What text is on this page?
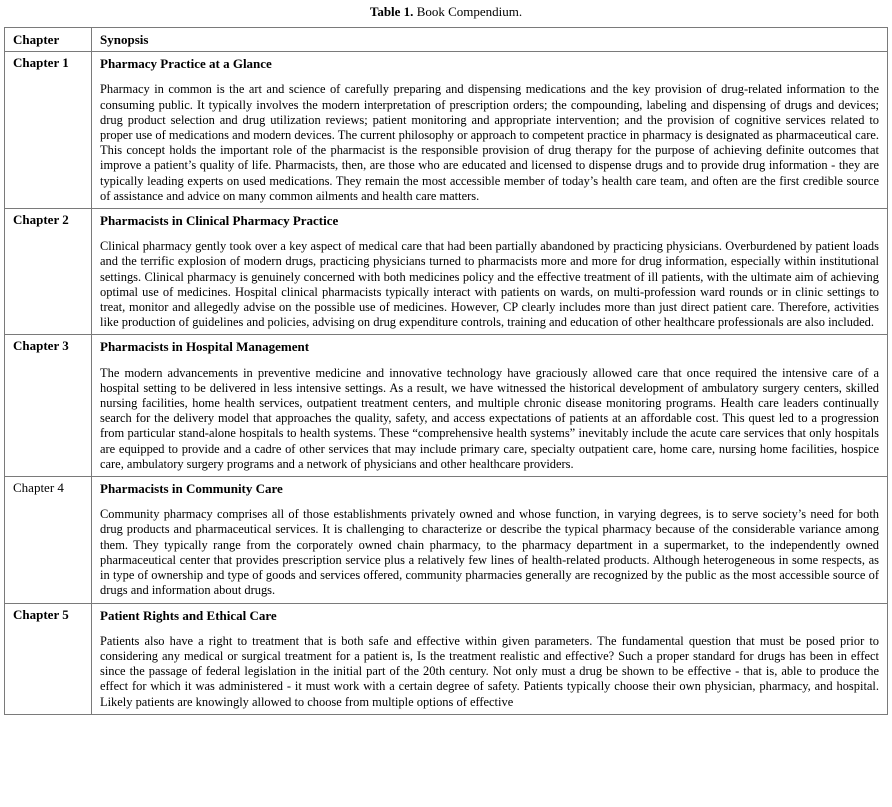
Table 1. Book Compendium.
Chapter	Synopsis
Chapter 1	Pharmacy Practice at a Glance

Pharmacy in common is the art and science of carefully preparing and dispensing medications and the key provision of drug-related information to the consuming public. It typically involves the modern interpretation of prescription orders; the compounding, labeling and dispensing of drugs and devices; drug product selection and drug utilization reviews; patient monitoring and appropriate intervention; and the provision of cognitive services related to proper use of medications and modern devices. The current philosophy or approach to competent practice in pharmacy is designated as pharmaceutical care. This concept holds the important role of the pharmacist is the responsible provision of drug therapy for the purpose of achieving definite outcomes that improve a patient’s quality of life. Pharmacists, then, are those who are educated and licensed to dispense drugs and to provide drug information - they are typically leading experts on used medications. They remain the most accessible member of today’s health care team, and often are the first credible source of assistance and advice on many common ailments and health care matters.

Chapter 2	Pharmacists in Clinical Pharmacy Practice

Clinical pharmacy gently took over a key aspect of medical care that had been partially abandoned by practicing physicians. Overburdened by patient loads and the terrific explosion of modern drugs, practicing physicians turned to pharmacists more and more for drug information, especially within institutional settings. Clinical pharmacy is genuinely concerned with both medicines policy and the effective treatment of ill patients, with the ultimate aim of achieving optimal use of medicines. Hospital clinical pharmacists typically interact with patients on wards, on multi-profession ward rounds or in clinic settings to treat, monitor and allegedly advise on the possible use of medicines. However, CP clearly includes more than just direct patient care. Therefore, activities like production of guidelines and policies, advising on drug expenditure controls, training and education of other healthcare professionals are also included.

Chapter 3	Pharmacists in Hospital Management

The modern advancements in preventive medicine and innovative technology have graciously allowed care that once required the intensive care of a hospital setting to be delivered in less intensive settings. As a result, we have witnessed the historical development of ambulatory surgery centers, skilled nursing facilities, home health services, outpatient treatment centers, and multiple chronic disease monitoring programs. Health care leaders continually search for the delivery model that approaches the quality, safety, and access expectations of patients at an affordable cost. This quest led to a progression from particular stand-alone hospitals to health systems. These “comprehensive health systems” inevitably include the acute care services that only hospitals are equipped to provide and a cadre of other services that may include primary care, specialty outpatient care, home care, nursing home facilities, hospice care, ambulatory surgery programs and a network of physicians and other healthcare providers.

Chapter 4	Pharmacists in Community Care

Community pharmacy comprises all of those establishments privately owned and whose function, in varying degrees, is to serve society’s need for both drug products and pharmaceutical services. It is challenging to characterize or describe the typical pharmacy because of the considerable variance among them. They typically range from the corporately owned chain pharmacy, to the pharmacy department in a supermarket, to the independently owned pharmaceutical center that provides prescription service plus a relatively few lines of health-related products. Although heterogeneous in some respects, as in type of ownership and type of goods and services offered, community pharmacies generally are recognized by the public as the most accessible source of drugs and information about drugs.

Chapter 5	Patient Rights and Ethical Care

Patients also have a right to treatment that is both safe and effective within given parameters. The fundamental question that must be posed prior to considering any medical or surgical treatment for a patient is, Is the treatment realistic and effective? Such a proper standard for drugs has been in effect since the passage of federal legislation in the initial part of the 20th century. Not only must a drug be shown to be effective - that is, able to produce the effect for which it was administered - it must work with a certain degree of safety. Patients typically choose their own physician, pharmacy, and hospital. Likely patients are knowingly allowed to choose from multiple options of effective
